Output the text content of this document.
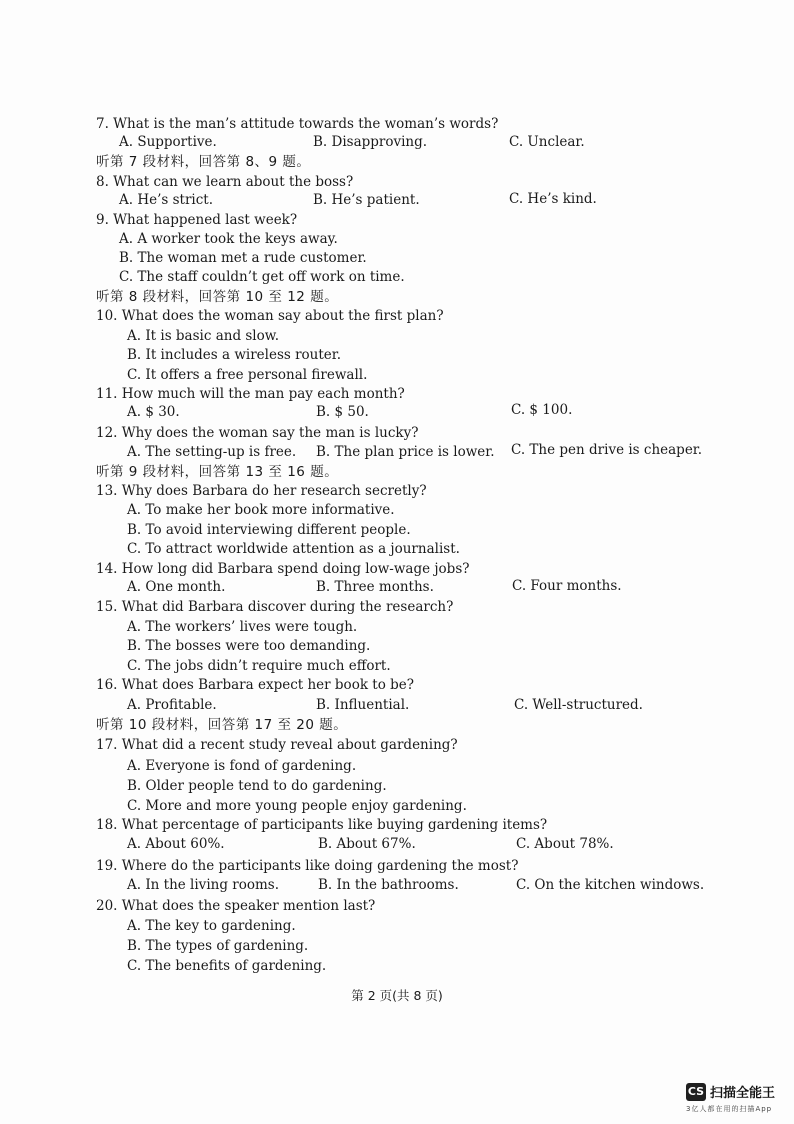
7. What is the man’s attitude towards the woman’s words?
A. Supportive.	B. Disapproving.	C. Unclear.
听第 7 段材料，回答第 8、9 题。
8. What can we learn about the boss?
A. He’s strict.	B. He’s patient.	C. He’s kind.
9. What happened last week?
A. A worker took the keys away.
B. The woman met a rude customer.
C. The staff couldn’t get off work on time.
听第 8 段材料，回答第 10 至 12 题。
10. What does the woman say about the first plan?
A. It is basic and slow.
B. It includes a wireless router.
C. It offers a free personal firewall.
11. How much will the man pay each month?
A. $ 30.	B. $ 50.	C. $ 100.
12. Why does the woman say the man is lucky?
A. The setting-up is free. B. The plan price is lower. C. The pen drive is cheaper.
听第 9 段材料，回答第 13 至 16 题。
13. Why does Barbara do her research secretly?
A. To make her book more informative.
B. To avoid interviewing different people.
C. To attract worldwide attention as a journalist.
14. How long did Barbara spend doing low-wage jobs?
A. One month.	B. Three months.	C. Four months.
15. What did Barbara discover during the research?
A. The workers’ lives were tough.
B. The bosses were too demanding.
C. The jobs didn’t require much effort.
16. What does Barbara expect her book to be?
A. Profitable.	B. Influential.	C. Well-structured.
听第 10 段材料，回答第 17 至 20 题。
17. What did a recent study reveal about gardening?
A. Everyone is fond of gardening.
B. Older people tend to do gardening.
C. More and more young people enjoy gardening.
18. What percentage of participants like buying gardening items?
A. About 60%.	B. About 67%.	C. About 78%.
19. Where do the participants like doing gardening the most?
A. In the living rooms.	B. In the bathrooms.	C. On the kitchen windows.
20. What does the speaker mention last?
A. The key to gardening.
B. The types of gardening.
C. The benefits of gardening.
第 2 页(共 8 页)
CS 扫描全能王
3亿人都在用的扫描App
